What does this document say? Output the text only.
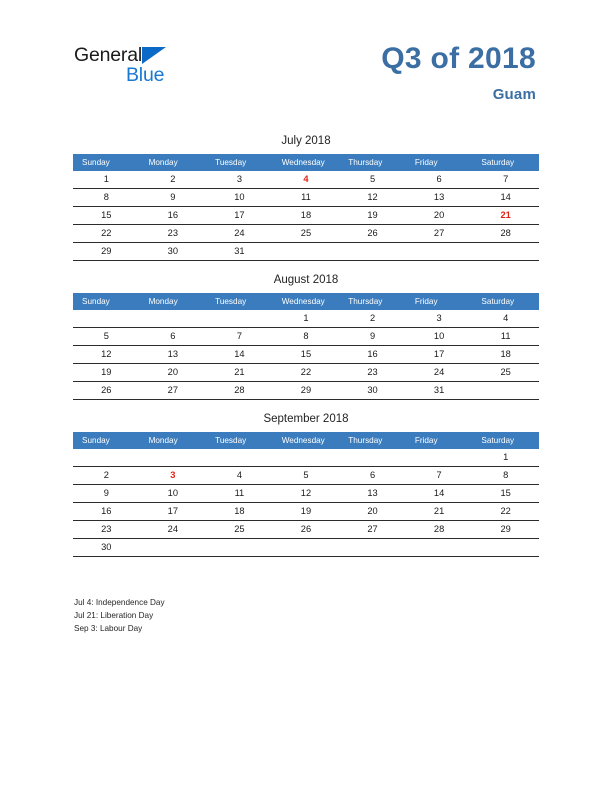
General
Blue	Q3 of 2018
Guam
July 2018
Sunday	Monday	Tuesday	Wednesday	Thursday	Friday	Saturday
1	2	3	4	5	6	7
8	9	10	11	12	13	14
15	16	17	18	19	20	21
22	23	24	25	26	27	28
29	30	31				
August 2018
Sunday	Monday	Tuesday	Wednesday	Thursday	Friday	Saturday
			1	2	3	4
5	6	7	8	9	10	11
12	13	14	15	16	17	18
19	20	21	22	23	24	25
26	27	28	29	30	31	
September 2018
Sunday	Monday	Tuesday	Wednesday	Thursday	Friday	Saturday
						1
2	3	4	5	6	7	8
9	10	11	12	13	14	15
16	17	18	19	20	21	22
23	24	25	26	27	28	29
30						
Jul 4: Independence Day
Jul 21: Liberation Day
Sep 3: Labour Day
